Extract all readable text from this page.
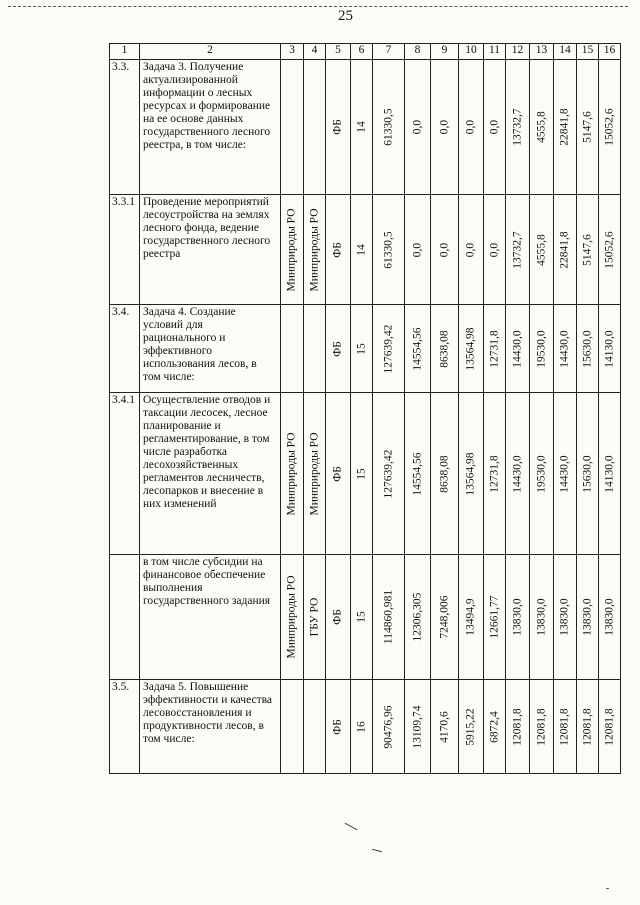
25
1	2	3	4	5	6	7	8	9	10	11	12	13	14	15	16
3.3.	Задача 3. Получение актуализированной информации о лесных ресурсах и формирование на ее основе данных государственного лесного реестра, в том числе:			ФБ	14	61330,5	0,0	0,0	0,0	0,0	13732,7	4555,8	22841,8	5147,6	15052,6

3.3.1	Проведение мероприятий лесоустройства на землях лесного фонда, ведение государственного лесного реестра	Минприроды РО	Минприроды РО	ФБ	14	61330,5	0,0	0,0	0,0	0,0	13732,7	4555,8	22841,8	5147,6	15052,6

3.4.	Задача 4. Создание условий для рационального и эффективного использования лесов, в том числе:			ФБ	15	127639,42	14554,56	8638,08	13564,98	12731,8	14430,0	19530,0	14430,0	15630,0	14130,0

3.4.1	Осуществление отводов и таксации лесосек, лесное планирование и регламентирование, в том числе разработка лесохозяйственных регламентов лесничеств, лесопарков и внесение в них изменений	Минприроды РО	Минприроды РО	ФБ	15	127639,42	14554,56	8638,08	13564,98	12731,8	14430,0	19530,0	14430,0	15630,0	14130,0

	в том числе субсидии на финансовое обеспечение выполнения государственного задания	Минприроды РО	ГБУ РО	ФБ	15	114860,981	12306,305	7248,006	13494,9	12661,77	13830,0	13830,0	13830,0	13830,0	13830,0

3.5.	Задача 5. Повышение эффективности и качества лесовосстановления и продуктивности лесов, в том числе:			ФБ	16	90476,96	13109,74	4170,6	5915,22	6872,4	12081,8	12081,8	12081,8	12081,8	12081,8
